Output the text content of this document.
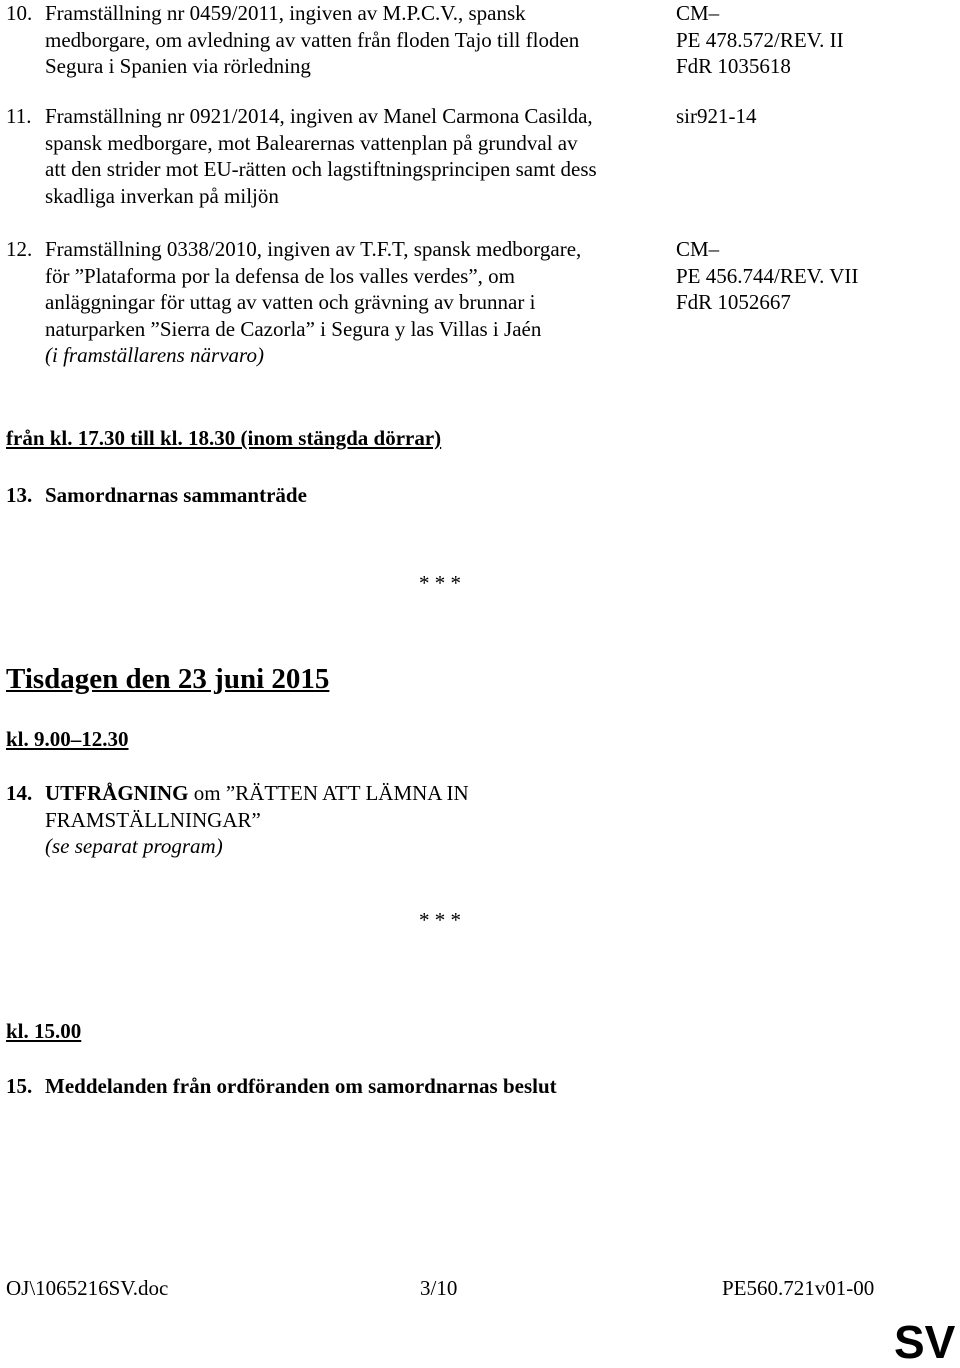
10. Framställning nr 0459/2011, ingiven av M.P.C.V., spansk
medborgare, om avledning av vatten från floden Tajo till floden
Segura i Spanien via rörledning
CM–
PE 478.572/REV. II
FdR 1035618
11. Framställning nr 0921/2014, ingiven av Manel Carmona Casilda,
spansk medborgare, mot Balearernas vattenplan på grundval av
att den strider mot EU-rätten och lagstiftningsprincipen samt dess
skadliga inverkan på miljön
sir921-14
12. Framställning 0338/2010, ingiven av T.F.T, spansk medborgare,
för ”Plataforma por la defensa de los valles verdes”, om
anläggningar för uttag av vatten och grävning av brunnar i
naturparken ”Sierra de Cazorla” i Segura y las Villas i Jaén
(i framställarens närvaro)
CM–
PE 456.744/REV. VII
FdR 1052667
från kl. 17.30 till kl. 18.30 (inom stängda dörrar)
13. Samordnarnas sammanträde
* * *
Tisdagen den 23 juni 2015
kl. 9.00–12.30
14. UTFRÅGNING om ”RÄTTEN ATT LÄMNA IN
FRAMSTÄLLNINGAR”
(se separat program)
* * *
kl. 15.00
15. Meddelanden från ordföranden om samordnarnas beslut
OJ\1065216SV.doc	3/10	PE560.721v01-00
SV
